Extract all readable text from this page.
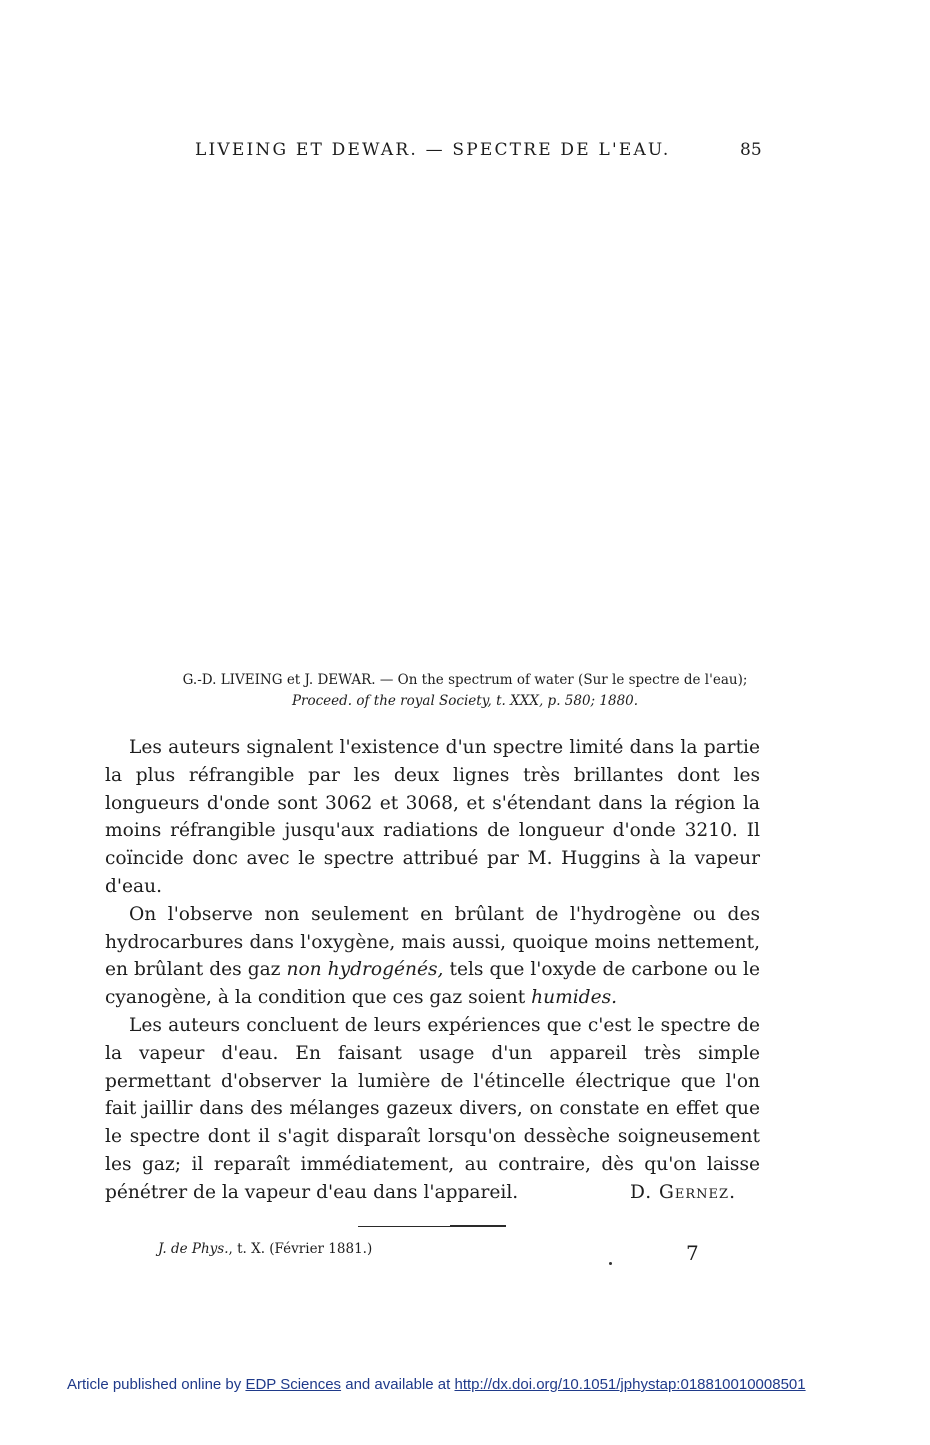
LIVEING ET DEWAR. — SPECTRE DE L'EAU.	85
G.-D. LIVEING et J. DEWAR. — On the spectrum of water (Sur le spectre de l'eau);
Proceed. of the royal Society, t. XXX, p. 580; 1880.

Les auteurs signalent l'existence d'un spectre limité dans la partie la plus réfrangible par les deux lignes très brillantes dont les longueurs d'onde sont 3062 et 3068, et s'étendant dans la région la moins réfrangible jusqu'aux radiations de longueur d'onde 3210. Il coïncide donc avec le spectre attribué par M. Huggins à la vapeur d'eau.

On l'observe non seulement en brûlant de l'hydrogène ou des hydrocarbures dans l'oxygène, mais aussi, quoique moins nettement, en brûlant des gaz non hydrogénés, tels que l'oxyde de carbone ou le cyanogène, à la condition que ces gaz soient humides.

Les auteurs concluent de leurs expériences que c'est le spectre de la vapeur d'eau. En faisant usage d'un appareil très simple permettant d'observer la lumière de l'étincelle électrique que l'on fait jaillir dans des mélanges gazeux divers, on constate en effet que le spectre dont il s'agit disparaît lorsqu'on dessèche soigneusement les gaz; il reparaît immédiatement, au contraire, dès qu'on laisse pénétrer de la vapeur d'eau dans l'appareil.	D. Gernez.

J. de Phys., t. X. (Février 1881.)	7
Article published online by EDP Sciences and available at http://dx.doi.org/10.1051/jphystap:018810010008501
